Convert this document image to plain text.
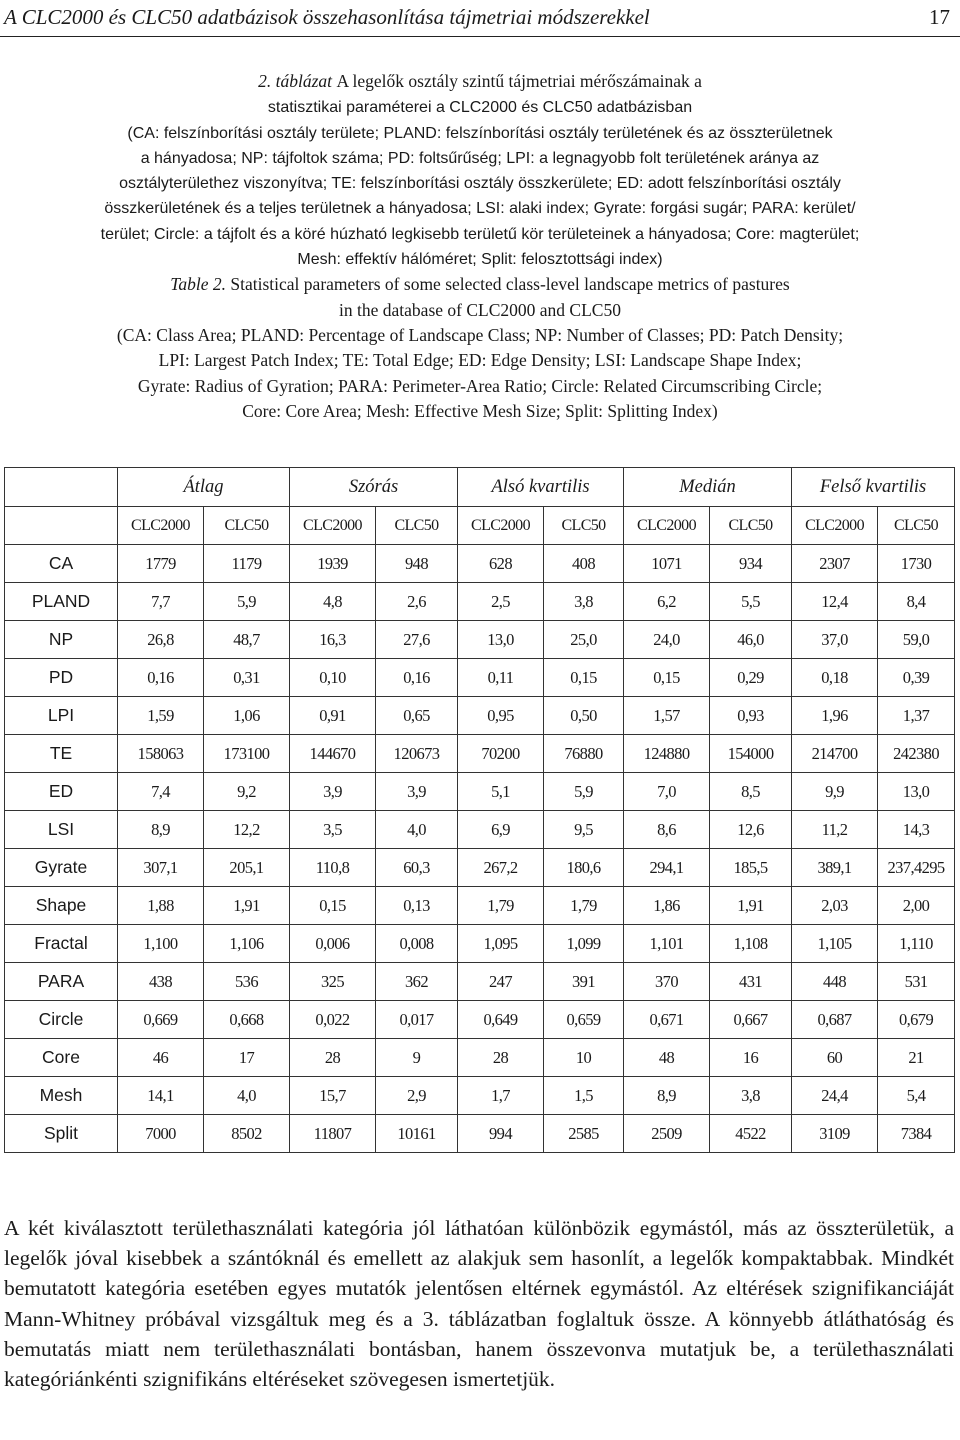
A CLC2000 és CLC50 adatbázisok összehasonlítása tájmetriai módszerekkel	17
2. táblázat A legelők osztály szintű tájmetriai mérőszámainak a
statisztikai paraméterei a CLC2000 és CLC50 adatbázisban
(CA: felszínborítási osztály területe; PLAND: felszínborítási osztály területének és az összterületnek
a hányadosa; NP: tájfoltok száma; PD: foltsűrűség; LPI: a legnagyobb folt területének aránya az
osztályterülethez viszonyítva; TE: felszínborítási osztály összkerülete; ED: adott felszínborítási osztály
összkerületének és a teljes területnek a hányadosa; LSI: alaki index; Gyrate: forgási sugár; PARA: kerület/
terület; Circle: a tájfolt és a köré húzható legkisebb területű kör területeinek a hányadosa; Core: magterület;
Mesh: effektív hálóméret; Split: felosztottsági index)
Table 2. Statistical parameters of some selected class-level landscape metrics of pastures
in the database of CLC2000 and CLC50
(CA: Class Area; PLAND: Percentage of Landscape Class; NP: Number of Classes; PD: Patch Density;
LPI: Largest Patch Index; TE: Total Edge; ED: Edge Density; LSI: Landscape Shape Index;
Gyrate: Radius of Gyration; PARA: Perimeter-Area Ratio; Circle: Related Circumscribing Circle;
Core: Core Area; Mesh: Effective Mesh Size; Split: Splitting Index)
	Átlag		Szórás		Alsó kvartilis		Medián		Felső kvartilis	
	CLC2000	CLC50	CLC2000	CLC50	CLC2000	CLC50	CLC2000	CLC50	CLC2000	CLC50
CA	1779	1179	1939	948	628	408	1071	934	2307	1730
PLAND	7,7	5,9	4,8	2,6	2,5	3,8	6,2	5,5	12,4	8,4
NP	26,8	48,7	16,3	27,6	13,0	25,0	24,0	46,0	37,0	59,0
PD	0,16	0,31	0,10	0,16	0,11	0,15	0,15	0,29	0,18	0,39
LPI	1,59	1,06	0,91	0,65	0,95	0,50	1,57	0,93	1,96	1,37
TE	158063	173100	144670	120673	70200	76880	124880	154000	214700	242380
ED	7,4	9,2	3,9	3,9	5,1	5,9	7,0	8,5	9,9	13,0
LSI	8,9	12,2	3,5	4,0	6,9	9,5	8,6	12,6	11,2	14,3
Gyrate	307,1	205,1	110,8	60,3	267,2	180,6	294,1	185,5	389,1	237,4295
Shape	1,88	1,91	0,15	0,13	1,79	1,79	1,86	1,91	2,03	2,00
Fractal	1,100	1,106	0,006	0,008	1,095	1,099	1,101	1,108	1,105	1,110
PARA	438	536	325	362	247	391	370	431	448	531
Circle	0,669	0,668	0,022	0,017	0,649	0,659	0,671	0,667	0,687	0,679
Core	46	17	28	9	28	10	48	16	60	21
Mesh	14,1	4,0	15,7	2,9	1,7	1,5	8,9	3,8	24,4	5,4
Split	7000	8502	11807	10161	994	2585	2509	4522	3109	7384

A két kiválasztott területhasználati kategória jól láthatóan különbözik egymástól, más az összterületük, a legelők jóval kisebbek a szántóknál és emellett az alakjuk sem hasonlít, a legelők kompaktabbak. Mindkét bemutatott kategória esetében egyes mutatók jelentősen eltérnek egymástól. Az eltérések szignifikanciáját Mann-Whitney próbával vizsgáltuk meg és a 3. táblázatban foglaltuk össze. A könnyebb átláthatóság és bemutatás miatt nem területhasználati bontásban, hanem összevonva mutatjuk be, a területhasználati kategóriánkénti szignifikáns eltéréseket szövegesen ismertetjük.
